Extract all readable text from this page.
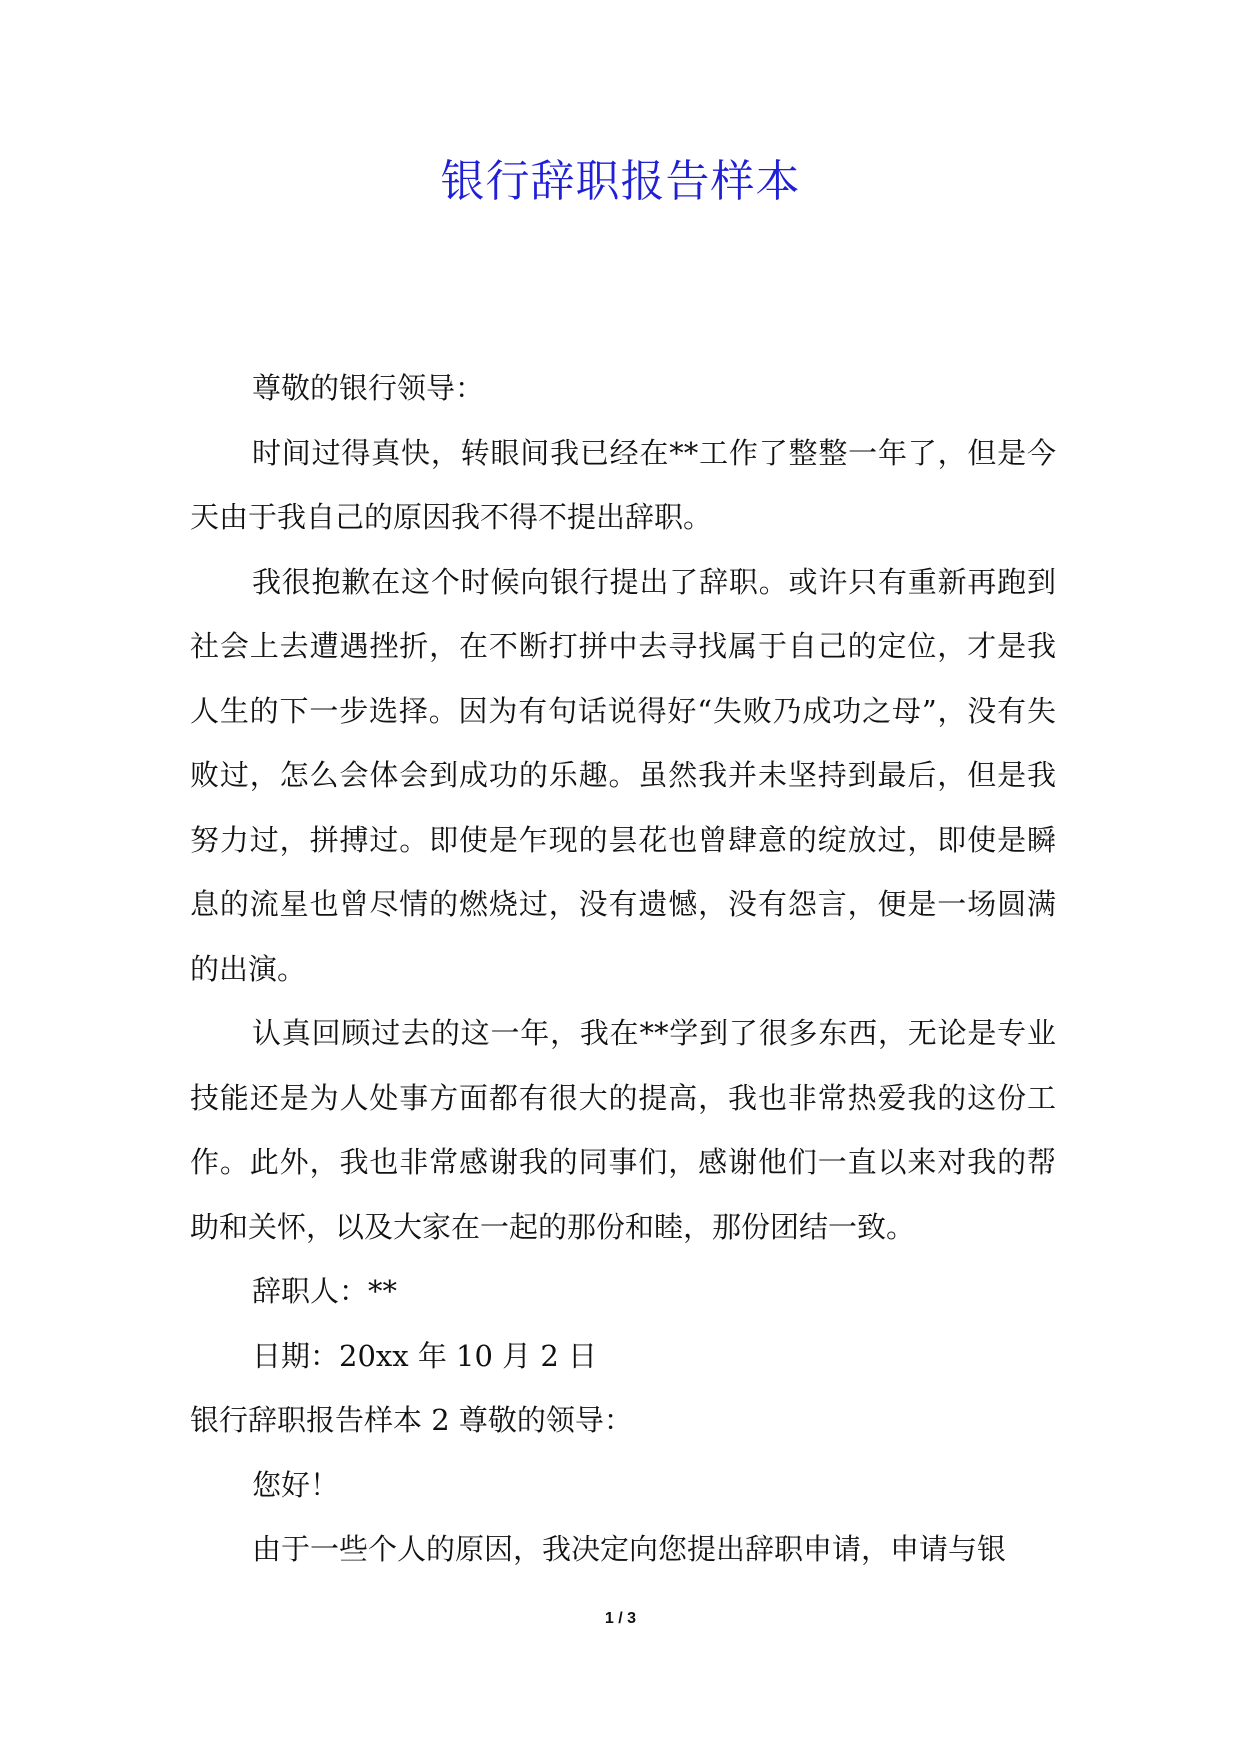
银行辞职报告样本

尊敬的银行领导：

时间过得真快，转眼间我已经在**工作了整整一年了，但是今天由于我自己的原因我不得不提出辞职。

我很抱歉在这个时候向银行提出了辞职。或许只有重新再跑到社会上去遭遇挫折，在不断打拼中去寻找属于自己的定位，才是我人生的下一步选择。因为有句话说得好“失败乃成功之母”，没有失败过，怎么会体会到成功的乐趣。虽然我并未坚持到最后，但是我努力过，拼搏过。即使是乍现的昙花也曾肆意的绽放过，即使是瞬息的流星也曾尽情的燃烧过，没有遗憾，没有怨言，便是一场圆满的出演。

认真回顾过去的这一年，我在**学到了很多东西，无论是专业技能还是为人处事方面都有很大的提高，我也非常热爱我的这份工作。此外，我也非常感谢我的同事们，感谢他们一直以来对我的帮助和关怀，以及大家在一起的那份和睦，那份团结一致。

辞职人：**

日期：20xx 年 10 月 2 日

银行辞职报告样本 2 尊敬的领导：

您好！

由于一些个人的原因，我决定向您提出辞职申请，申请与银

1 / 3
